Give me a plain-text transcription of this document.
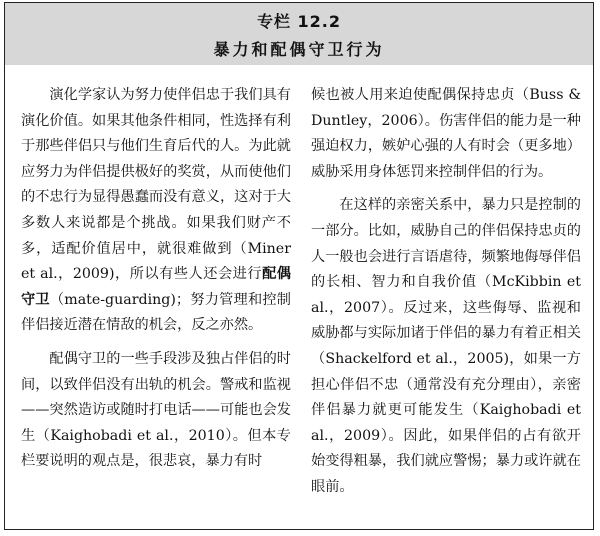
专栏 12.2
暴力和配偶守卫行为

演化学家认为努力使伴侣忠于我们具有演化价值。如果其他条件相同，性选择有利于那些伴侣只与他们生育后代的人。为此就应努力为伴侣提供极好的奖赏，从而使他们的不忠行为显得愚蠢而没有意义，这对于大多数人来说都是个挑战。如果我们财产不多，适配价值居中，就很难做到（Miner et al.，2009)，所以有些人还会进行配偶守卫（mate-guarding)；努力管理和控制伴侣接近潜在情敌的机会，反之亦然。

配偶守卫的一些手段涉及独占伴侣的时间，以致伴侣没有出轨的机会。警戒和监视——突然造访或随时打电话——可能也会发生（Kaighobadi et al.，2010）。但本专栏要说明的观点是，很悲哀，暴力有时

候也被人用来迫使配偶保持忠贞（Buss & Duntley，2006）。伤害伴侣的能力是一种强迫权力，嫉妒心强的人有时会（更多地）威胁采用身体惩罚来控制伴侣的行为。

在这样的亲密关系中，暴力只是控制的一部分。比如，威胁自己的伴侣保持忠贞的人一般也会进行言语虐待，频繁地侮辱伴侣的长相、智力和自我价值（McKibbin et al.，2007）。反过来，这些侮辱、监视和威胁都与实际加诸于伴侣的暴力有着正相关（Shackelford et al.，2005)，如果一方担心伴侣不忠（通常没有充分理由），亲密伴侣暴力就更可能发生（Kaighobadi et al.，2009）。因此，如果伴侣的占有欲开始变得粗暴，我们就应警惕；暴力或许就在眼前。
